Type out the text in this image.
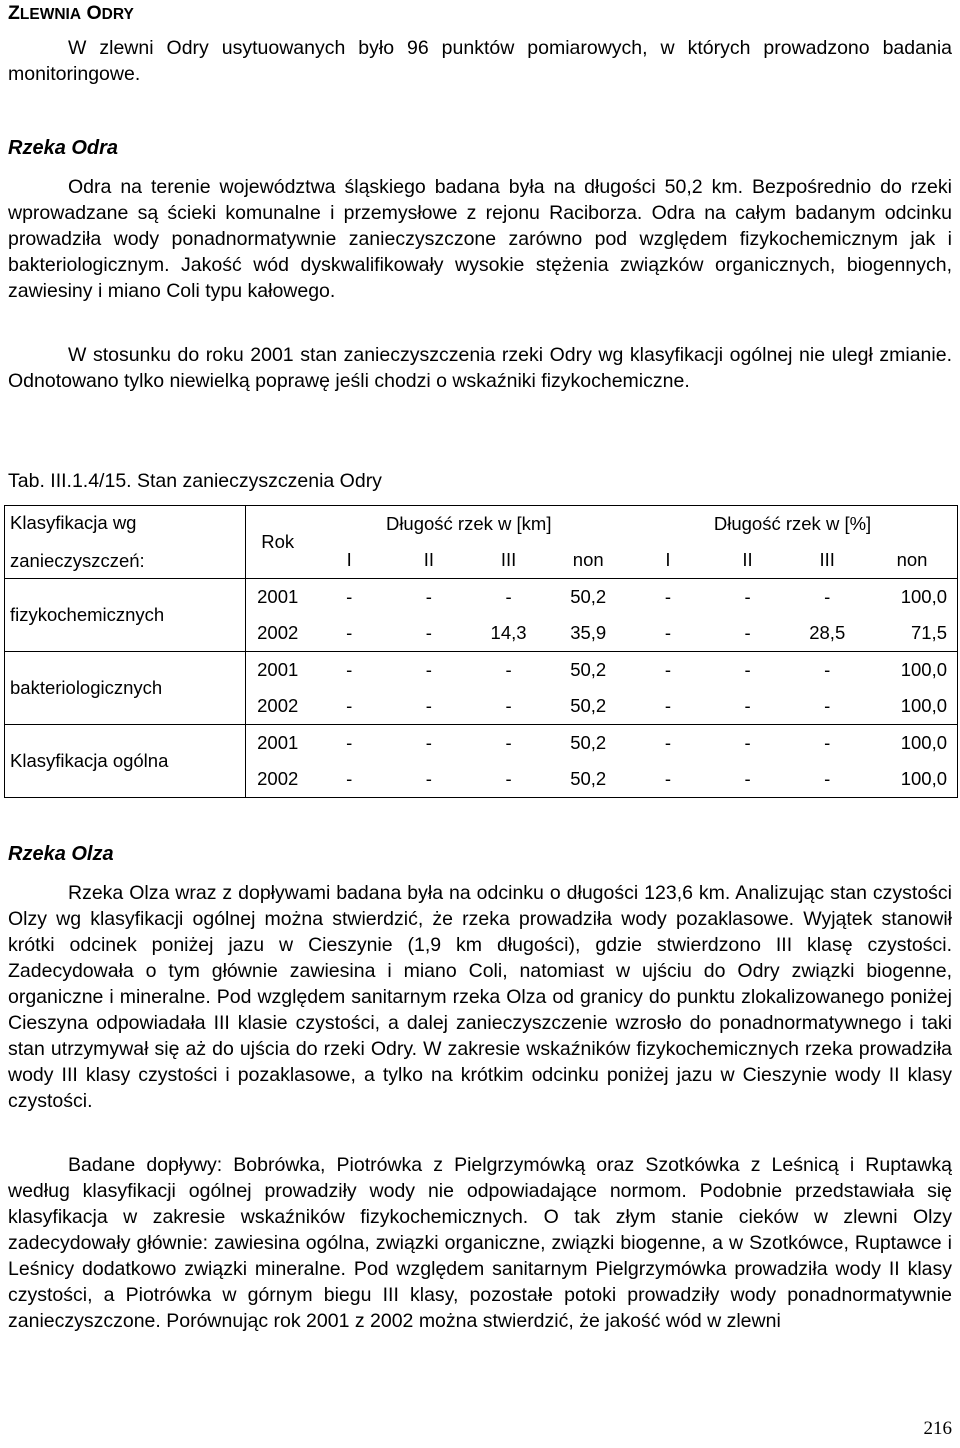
ZLEWNIA ODRY

W zlewni Odry usytuowanych było 96 punktów pomiarowych, w których prowadzono badania monitoringowe.

Rzeka Odra

Odra na terenie województwa śląskiego badana była na długości 50,2 km. Bezpośrednio do rzeki wprowadzane są ścieki komunalne i przemysłowe z rejonu Raciborza. Odra na całym badanym odcinku prowadziła wody ponadnormatywnie zanieczyszczone zarówno pod względem fizykochemicznym jak i bakteriologicznym. Jakość wód dyskwalifikowały wysokie stężenia związków organicznych, biogennych, zawiesiny i miano Coli typu kałowego.

W stosunku do roku 2001 stan zanieczyszczenia rzeki Odry wg klasyfikacji ogólnej nie uległ zmianie. Odnotowano tylko niewielką poprawę jeśli chodzi o wskaźniki fizykochemiczne.

Tab. III.1.4/15. Stan zanieczyszczenia Odry

Klasyfikacja wg
zanieczyszczeń:	Rok	Długość rzek w [km]				Długość rzek w [%]			
		I	II	III	non	I	II	III	non
fizykochemicznych	2001	-	-	-	50,2	-	-	-	100,0
	2002	-	-	14,3	35,9	-	-	28,5	71,5
bakteriologicznych	2001	-	-	-	50,2	-	-	-	100,0
	2002	-	-	-	50,2	-	-	-	100,0
Klasyfikacja ogólna	2001	-	-	-	50,2	-	-	-	100,0
	2002	-	-	-	50,2	-	-	-	100,0
Rzeka Olza

Rzeka Olza wraz z dopływami badana była na odcinku o długości 123,6 km. Analizując stan czystości Olzy wg klasyfikacji ogólnej można stwierdzić, że rzeka prowadziła wody pozaklasowe. Wyjątek stanowił krótki odcinek poniżej jazu w Cieszynie (1,9 km długości), gdzie stwierdzono III klasę czystości. Zadecydowała o tym głównie zawiesina i miano Coli, natomiast w ujściu do Odry związki biogenne, organiczne i mineralne. Pod względem sanitarnym rzeka Olza od granicy do punktu zlokalizowanego poniżej Cieszyna odpowiadała III klasie czystości, a dalej zanieczyszczenie wzrosło do ponadnormatywnego i taki stan utrzymywał się aż do ujścia do rzeki Odry. W zakresie wskaźników fizykochemicznych rzeka prowadziła wody III klasy czystości i pozaklasowe, a tylko na krótkim odcinku poniżej jazu w Cieszynie wody II klasy czystości.

Badane dopływy: Bobrówka, Piotrówka z Pielgrzymówką oraz Szotkówka z Leśnicą i Ruptawką według klasyfikacji ogólnej prowadziły wody nie odpowiadające normom. Podobnie przedstawiała się klasyfikacja w zakresie wskaźników fizykochemicznych. O tak złym stanie cieków w zlewni Olzy zadecydowały głównie: zawiesina ogólna, związki organiczne, związki biogenne, a w Szotkówce, Ruptawce i Leśnicy dodatkowo związki mineralne. Pod względem sanitarnym Pielgrzymówka prowadziła wody II klasy czystości, a Piotrówka w górnym biegu III klasy, pozostałe potoki prowadziły wody ponadnormatywnie zanieczyszczone. Porównując rok 2001 z 2002 można stwierdzić, że jakość wód w zlewni

216
